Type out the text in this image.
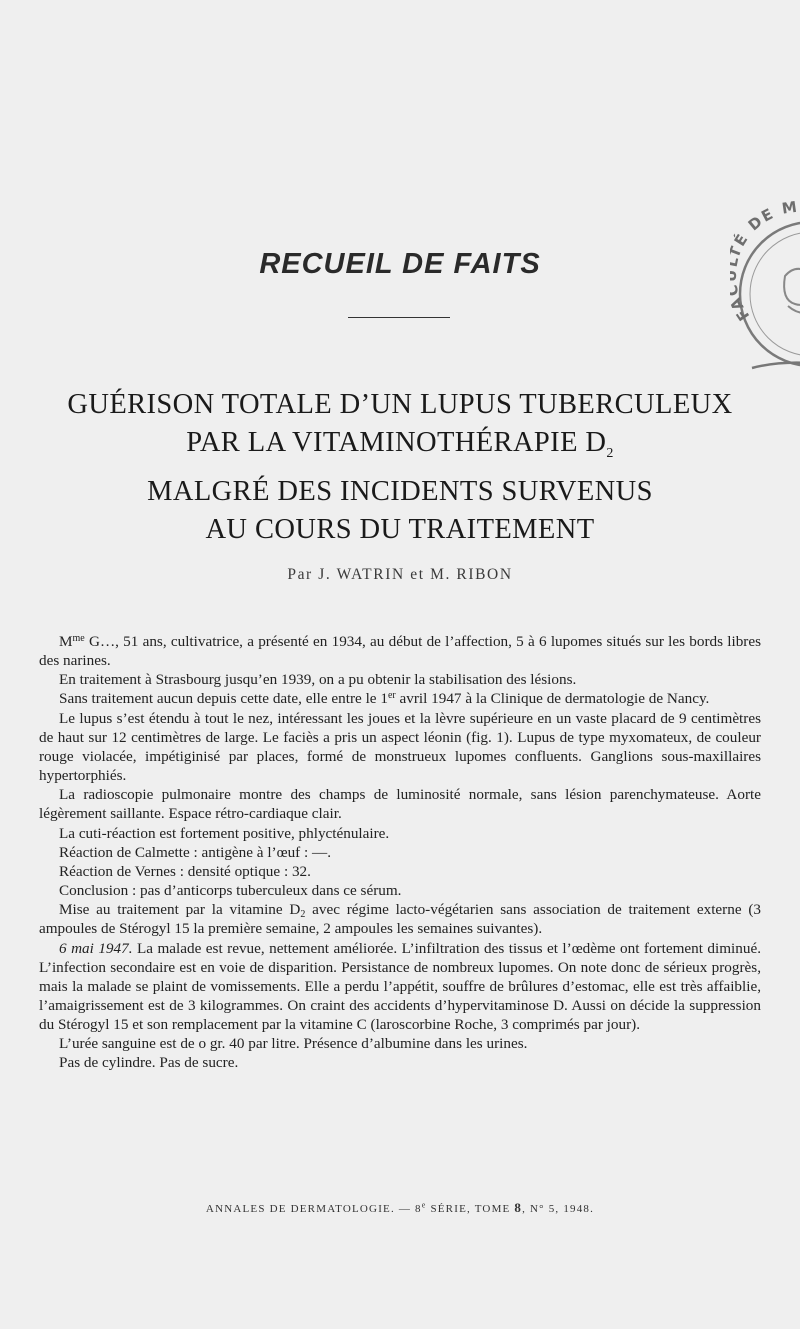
RECUEIL DE FAITS
GUÉRISON TOTALE D’UN LUPUS TUBERCULEUX
PAR LA VITAMINOTHÉRAPIE $D_2$
MALGRÉ DES INCIDENTS SURVENUS
AU COURS DU TRAITEMENT

Par J. WATRIN et M. RIBON

$M^{me}$ G…, 51 ans, cultivatrice, a présenté en 1934, au début de l’affection, 5 à 6 lupomes situés sur les bords libres des narines.

En traitement à Strasbourg jusqu’en 1939, on a pu obtenir la stabilisation des lésions.

Sans traitement aucun depuis cette date, elle entre le 1er avril 1947 à la Clinique de dermatologie de Nancy.

Le lupus s’est étendu à tout le nez, intéressant les joues et la lèvre supérieure en un vaste placard de 9 centimètres de haut sur 12 centimètres de large. Le faciès a pris un aspect léonin (fig. 1). Lupus de type myxomateux, de couleur rouge violacée, impétiginisé par places, formé de monstrueux lupomes confluents. Ganglions sous-maxillaires hypertorphiés.

La radioscopie pulmonaire montre des champs de luminosité normale, sans lésion parenchymateuse. Aorte légèrement saillante. Espace rétro-cardiaque clair.

La cuti-réaction est fortement positive, phlycténulaire.

Réaction de Calmette : antigène à l’œuf : —.

Réaction de Vernes : densité optique : 32.

Conclusion : pas d’anticorps tuberculeux dans ce sérum.

Mise au traitement par la vitamine $D_2$ avec régime lacto-végétarien sans association de traitement externe (3 ampoules de Stérogyl 15 la première semaine, 2 ampoules les semaines suivantes).

6 mai 1947. La malade est revue, nettement améliorée. L’infiltration des tissus et l’œdème ont fortement diminué. L’infection secondaire est en voie de disparition. Persistance de nombreux lupomes. On note donc de sérieux progrès, mais la malade se plaint de vomissements. Elle a perdu l’appétit, souffre de brûlures d’estomac, elle est très affaiblie, l’amaigrissement est de 3 kilogrammes. On craint des accidents d’hypervitaminose D. Aussi on décide la suppression du Stérogyl 15 et son remplacement par la vitamine C (laroscorbine Roche, 3 comprimés par jour).

L’urée sanguine est de o gr. 40 par litre. Présence d’albumine dans les urines.

Pas de cylindre. Pas de sucre.

ANNALES DE DERMATOLOGIE. — 8e SÉRIE, TOME 8, N° 5, 1948.

F É DE M
